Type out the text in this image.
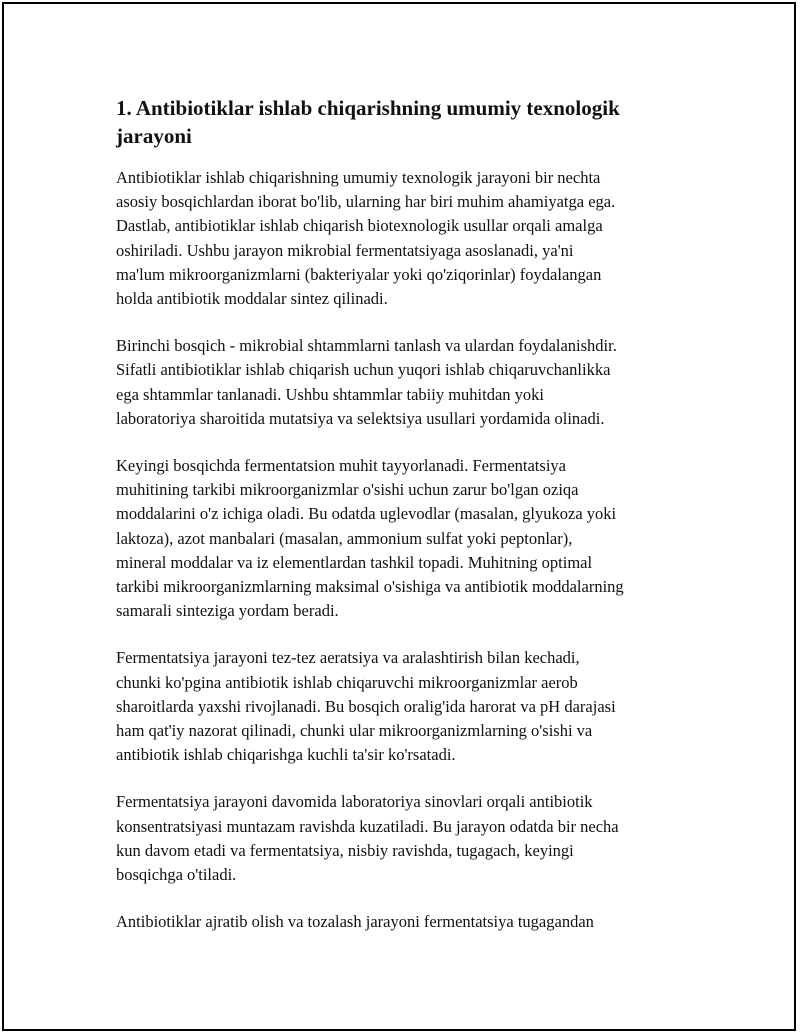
1. Antibiotiklar ishlab chiqarishning umumiy texnologik
jarayoni

Antibiotiklar ishlab chiqarishning umumiy texnologik jarayoni bir nechta
asosiy bosqichlardan iborat bo'lib, ularning har biri muhim ahamiyatga ega.
Dastlab, antibiotiklar ishlab chiqarish biotexnologik usullar orqali amalga
oshiriladi. Ushbu jarayon mikrobial fermentatsiyaga asoslanadi, ya'ni
ma'lum mikroorganizmlarni (bakteriyalar yoki qo'ziqorinlar) foydalangan
holda antibiotik moddalar sintez qilinadi.

Birinchi bosqich - mikrobial shtammlarni tanlash va ulardan foydalanishdir.
Sifatli antibiotiklar ishlab chiqarish uchun yuqori ishlab chiqaruvchanlikka
ega shtammlar tanlanadi. Ushbu shtammlar tabiiy muhitdan yoki
laboratoriya sharoitida mutatsiya va selektsiya usullari yordamida olinadi.

Keyingi bosqichda fermentatsion muhit tayyorlanadi. Fermentatsiya
muhitining tarkibi mikroorganizmlar o'sishi uchun zarur bo'lgan oziqa
moddalarini o'z ichiga oladi. Bu odatda uglevodlar (masalan, glyukoza yoki
laktoza), azot manbalari (masalan, ammonium sulfat yoki peptonlar),
mineral moddalar va iz elementlardan tashkil topadi. Muhitning optimal
tarkibi mikroorganizmlarning maksimal o'sishiga va antibiotik moddalarning
samarali sinteziga yordam beradi.

Fermentatsiya jarayoni tez-tez aeratsiya va aralashtirish bilan kechadi,
chunki ko'pgina antibiotik ishlab chiqaruvchi mikroorganizmlar aerob
sharoitlarda yaxshi rivojlanadi. Bu bosqich oralig'ida harorat va pH darajasi
ham qat'iy nazorat qilinadi, chunki ular mikroorganizmlarning o'sishi va
antibiotik ishlab chiqarishga kuchli ta'sir ko'rsatadi.

Fermentatsiya jarayoni davomida laboratoriya sinovlari orqali antibiotik
konsentratsiyasi muntazam ravishda kuzatiladi. Bu jarayon odatda bir necha
kun davom etadi va fermentatsiya, nisbiy ravishda, tugagach, keyingi
bosqichga o'tiladi.

Antibiotiklar ajratib olish va tozalash jarayoni fermentatsiya tugagandan
